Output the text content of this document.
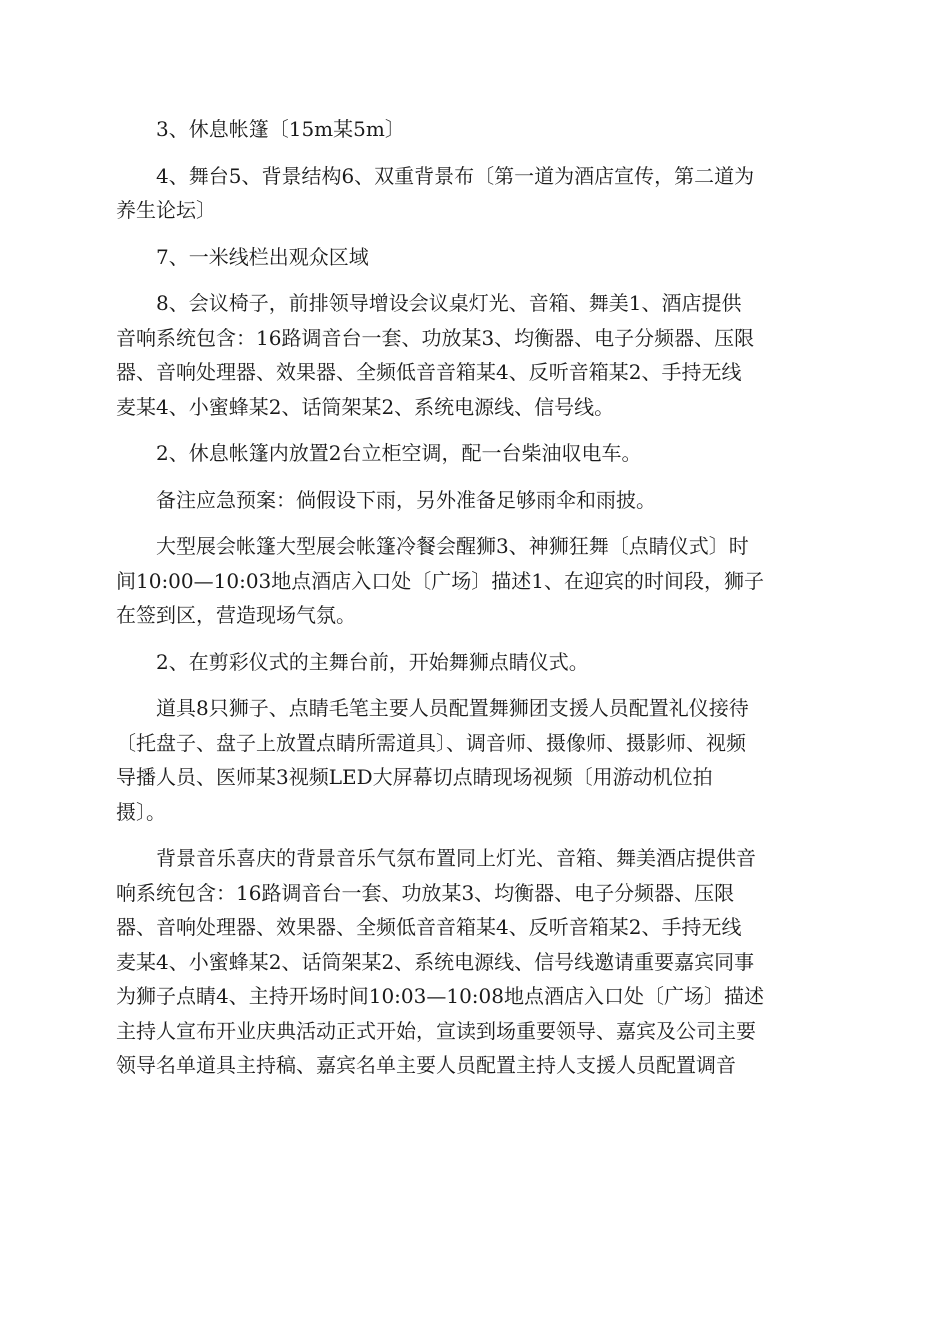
3、休息帐篷〔15m某5m〕

4、舞台5、背景结构6、双重背景布〔第一道为酒店宣传，第二道为
养生论坛〕

7、一米线栏出观众区域

8、会议椅子，前排领导增设会议桌灯光、音箱、舞美1、酒店提供
音响系统包含：16路调音台一套、功放某3、均衡器、电子分频器、压限
器、音响处理器、效果器、全频低音音箱某4、反听音箱某2、手持无线
麦某4、小蜜蜂某2、话筒架某2、系统电源线、信号线。

2、休息帐篷内放置2台立柜空调，配一台柴油収电车。

备注应急预案：倘假设下雨，另外准备足够雨伞和雨披。

大型展会帐篷大型展会帐篷冷餐会醒狮3、神狮狂舞〔点睛仪式〕时
间10:00—10:03地点酒店入口处〔广场〕描述1、在迎宾的时间段，狮子
在签到区，营造现场气氛。

2、在剪彩仪式的主舞台前，开始舞狮点睛仪式。

道具8只狮子、点睛毛笔主要人员配置舞狮团支援人员配置礼仪接待
〔托盘子、盘子上放置点睛所需道具〕、调音师、摄像师、摄影师、视频
导播人员、医师某3视频LED大屏幕切点睛现场视频〔用游动机位拍
摄〕。

背景音乐喜庆的背景音乐气氛布置同上灯光、音箱、舞美酒店提供音
响系统包含：16路调音台一套、功放某3、均衡器、电子分频器、压限
器、音响处理器、效果器、全频低音音箱某4、反听音箱某2、手持无线
麦某4、小蜜蜂某2、话筒架某2、系统电源线、信号线邀请重要嘉宾同事
为狮子点睛4、主持开场时间10:03—10:08地点酒店入口处〔广场〕描述
主持人宣布开业庆典活动正式开始，宣读到场重要领导、嘉宾及公司主要
领导名单道具主持稿、嘉宾名单主要人员配置主持人支援人员配置调音
